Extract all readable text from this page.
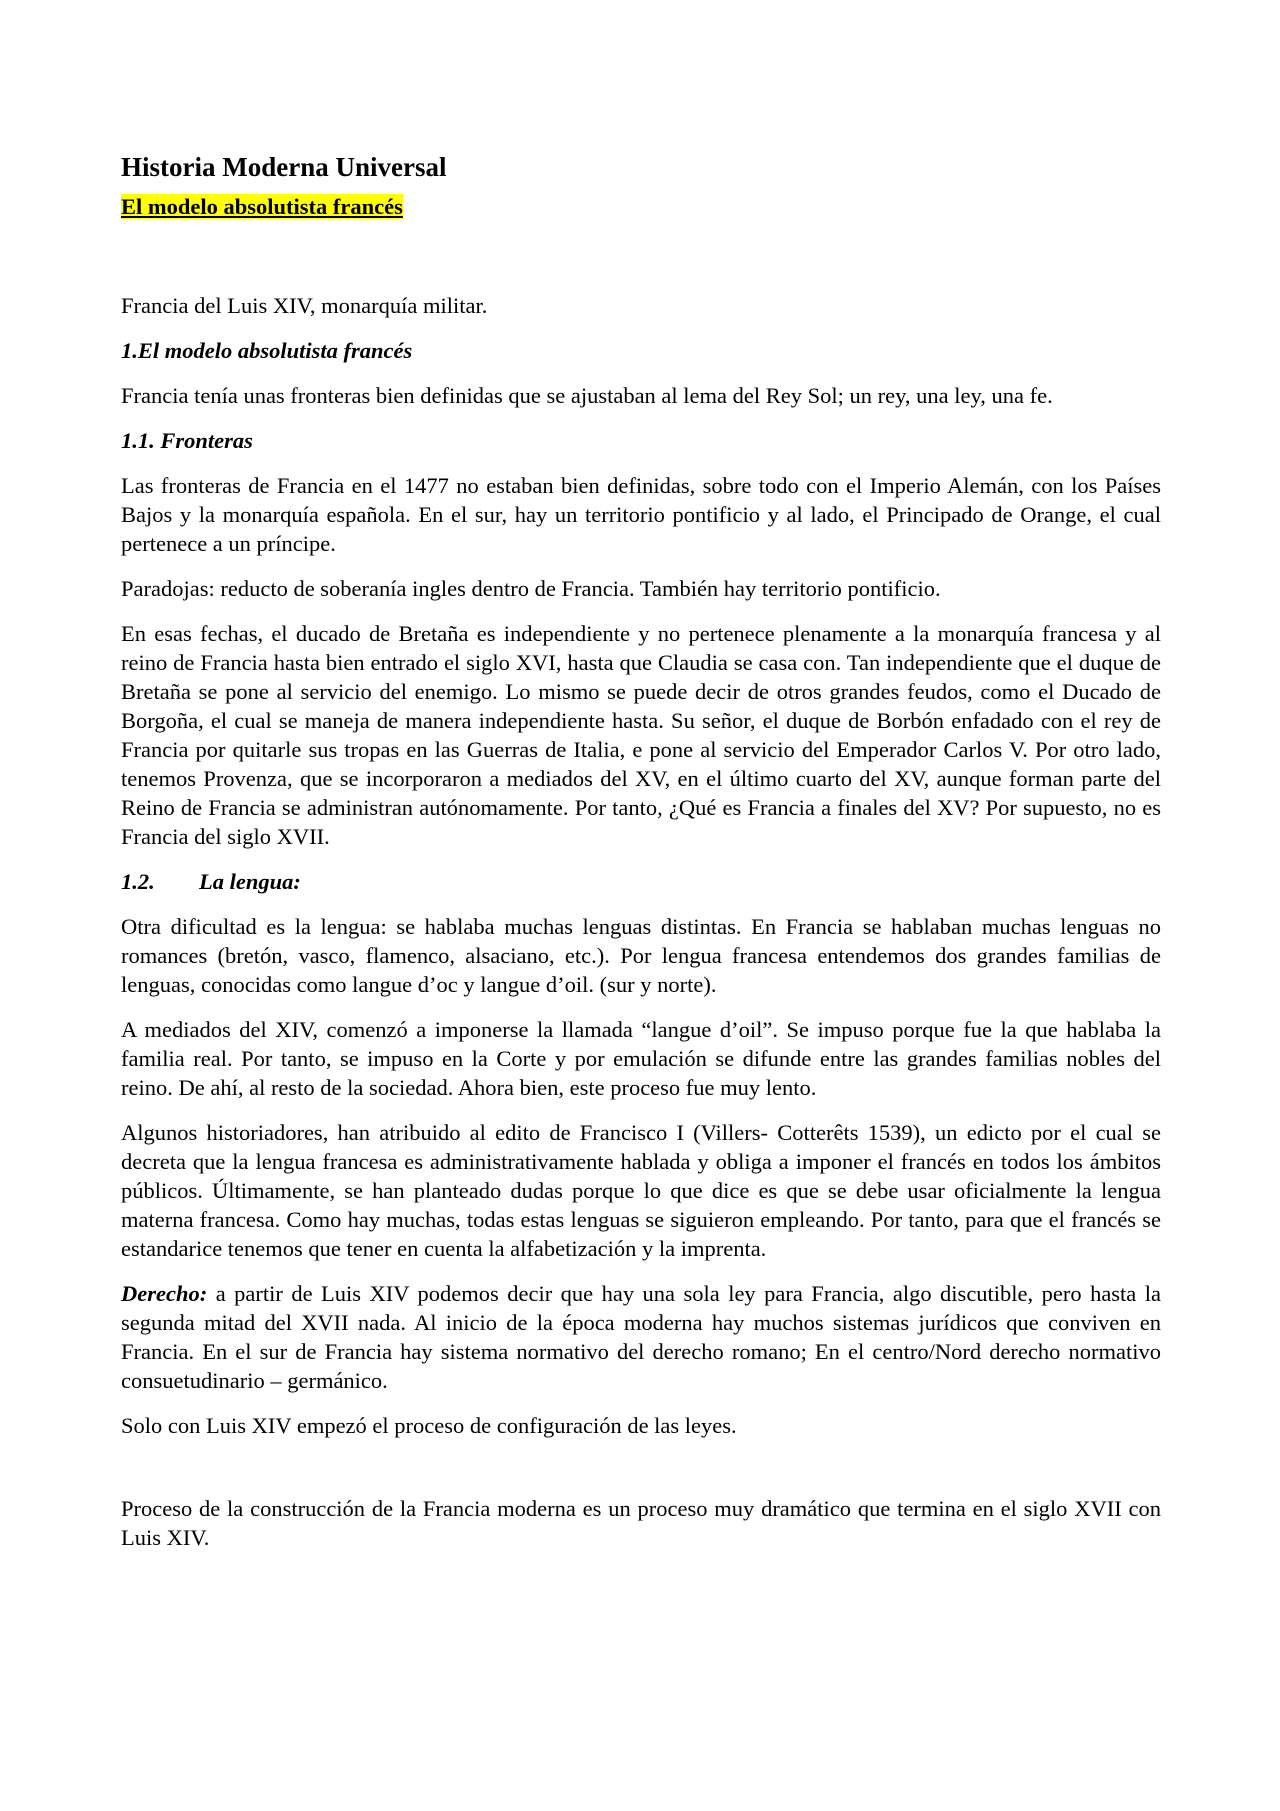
Historia Moderna Universal
El modelo absolutista francés

Francia del Luis XIV, monarquía militar.

1.El modelo absolutista francés

Francia tenía unas fronteras bien definidas que se ajustaban al lema del Rey Sol; un rey, una ley, una fe.

1.1. Fronteras

Las fronteras de Francia en el 1477 no estaban bien definidas, sobre todo con el Imperio Alemán, con los Países Bajos y la monarquía española. En el sur, hay un territorio pontificio y al lado, el Principado de Orange, el cual pertenece a un príncipe.

Paradojas: reducto de soberanía ingles dentro de Francia. También hay territorio pontificio.

En esas fechas, el ducado de Bretaña es independiente y no pertenece plenamente a la monarquía francesa y al reino de Francia hasta bien entrado el siglo XVI, hasta que Claudia se casa con. Tan independiente que el duque de Bretaña se pone al servicio del enemigo. Lo mismo se puede decir de otros grandes feudos, como el Ducado de Borgoña, el cual se maneja de manera independiente hasta. Su señor, el duque de Borbón enfadado con el rey de Francia por quitarle sus tropas en las Guerras de Italia, e pone al servicio del Emperador Carlos V. Por otro lado, tenemos Provenza, que se incorporaron a mediados del XV, en el último cuarto del XV, aunque forman parte del Reino de Francia se administran autónomamente. Por tanto, ¿Qué es Francia a finales del XV? Por supuesto, no es Francia del siglo XVII.

1.2. La lengua:

Otra dificultad es la lengua: se hablaba muchas lenguas distintas. En Francia se hablaban muchas lenguas no romances (bretón, vasco, flamenco, alsaciano, etc.). Por lengua francesa entendemos dos grandes familias de lenguas, conocidas como langue d’oc y langue d’oil. (sur y norte).

A mediados del XIV, comenzó a imponerse la llamada “langue d’oil”. Se impuso porque fue la que hablaba la familia real. Por tanto, se impuso en la Corte y por emulación se difunde entre las grandes familias nobles del reino. De ahí, al resto de la sociedad. Ahora bien, este proceso fue muy lento.

Algunos historiadores, han atribuido al edito de Francisco I (Villers- Cotterêts 1539), un edicto por el cual se decreta que la lengua francesa es administrativamente hablada y obliga a imponer el francés en todos los ámbitos públicos. Últimamente, se han planteado dudas porque lo que dice es que se debe usar oficialmente la lengua materna francesa. Como hay muchas, todas estas lenguas se siguieron empleando. Por tanto, para que el francés se estandarice tenemos que tener en cuenta la alfabetización y la imprenta.

Derecho: a partir de Luis XIV podemos decir que hay una sola ley para Francia, algo discutible, pero hasta la segunda mitad del XVII nada. Al inicio de la época moderna hay muchos sistemas jurídicos que conviven en Francia. En el sur de Francia hay sistema normativo del derecho romano; En el centro/Nord derecho normativo consuetudinario – germánico.

Solo con Luis XIV empezó el proceso de configuración de las leyes.

Proceso de la construcción de la Francia moderna es un proceso muy dramático que termina en el siglo XVII con Luis XIV.
